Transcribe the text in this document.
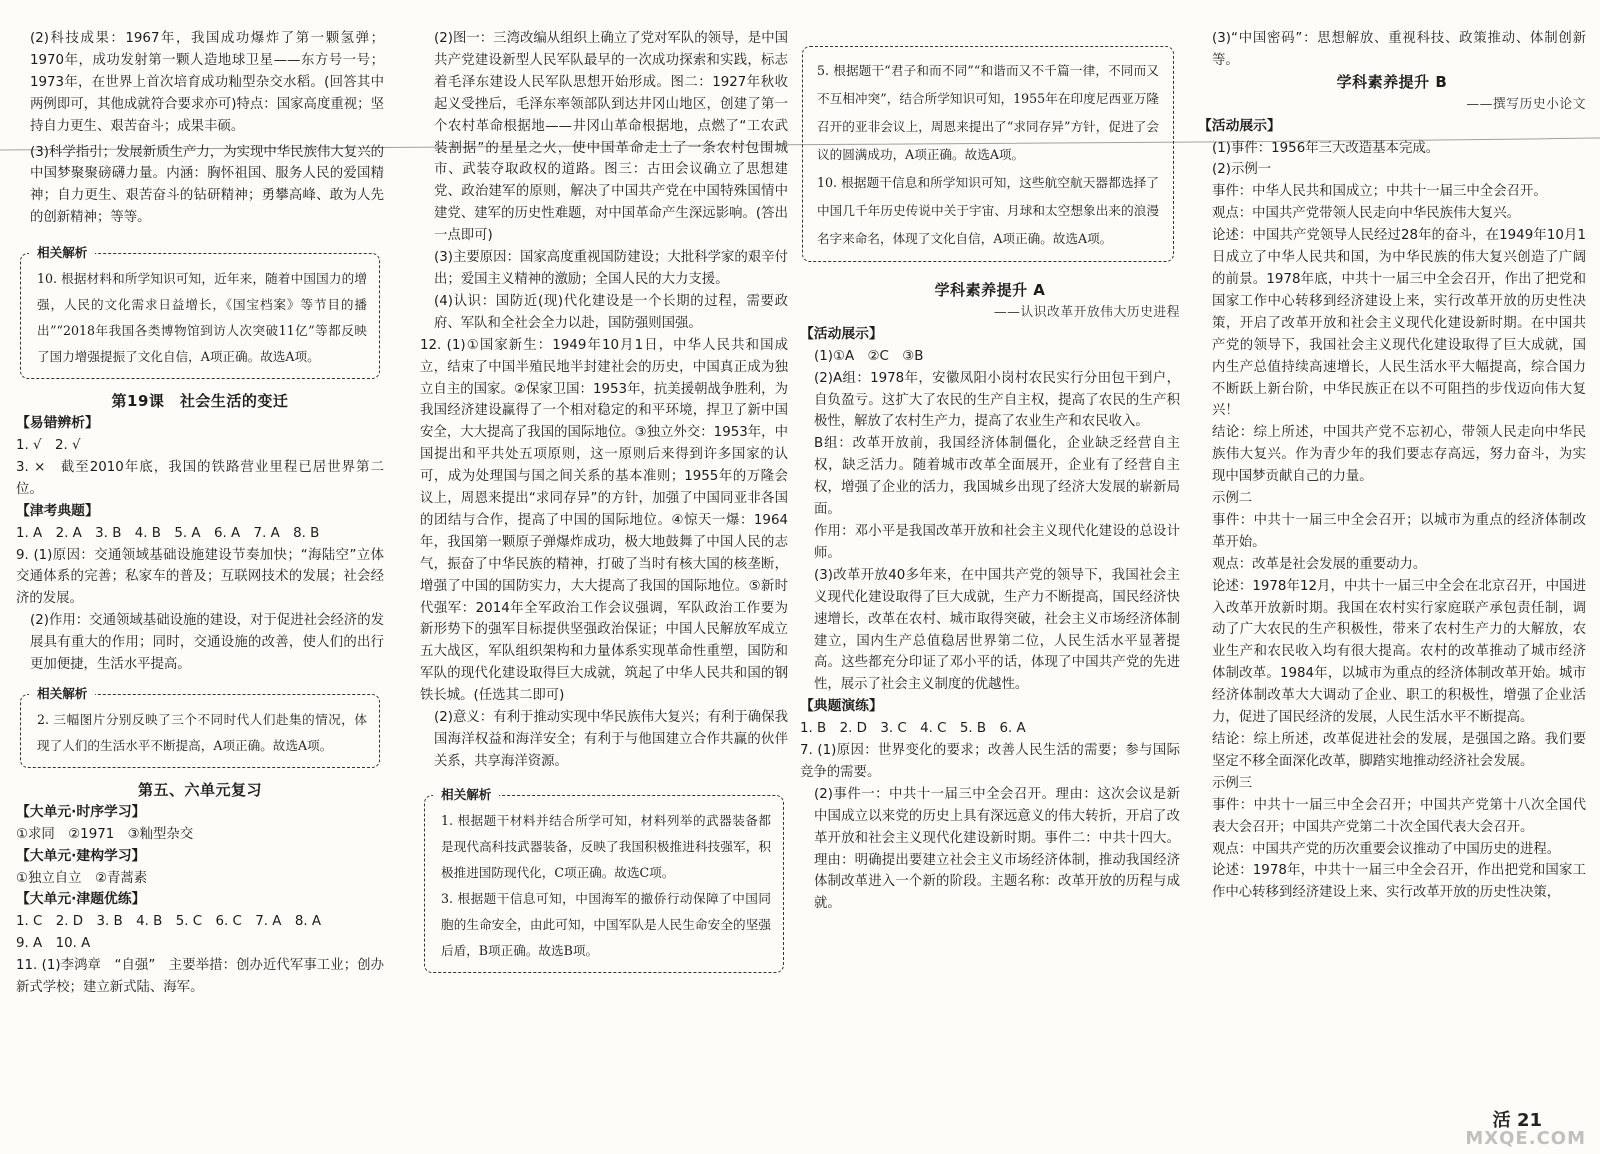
(2)科技成果：1967年，我国成功爆炸了第一颗氢弹；1970年，成功发射第一颗人造地球卫星——东方号一号；1973年，在世界上首次培育成功籼型杂交水稻。(回答其中两例即可，其他成就符合要求亦可)特点：国家高度重视；坚持自力更生、艰苦奋斗；成果丰硕。

(3)科学指引；发展新质生产力，为实现中华民族伟大复兴的中国梦聚聚磅礴力量。内涵：胸怀祖国、服务人民的爱国精神；自力更生、艰苦奋斗的钻研精神；勇攀高峰、敢为人先的创新精神；等等。

相关解析

10. 根据材料和所学知识可知，近年来，随着中国国力的增强，人民的文化需求日益增长，《国宝档案》等节目的播出”“2018年我国各类博物馆到访人次突破11亿”等都反映了国力增强提振了文化自信，A项正确。故选A项。

第19课　社会生活的变迁

【易错辨析】

1. √　2. √

3. ×　截至2010年底，我国的铁路营业里程已居世界第二位。

【津考典题】

1. A　2. A　3. B　4. B　5. A　6. A　7. A　8. B

9. (1)原因：交通领域基础设施建设节奏加快；“海陆空”立体交通体系的完善；私家车的普及；互联网技术的发展；社会经济的发展。

(2)作用：交通领域基础设施的建设，对于促进社会经济的发展具有重大的作用；同时，交通设施的改善，使人们的出行更加便捷，生活水平提高。

相关解析

2. 三幅图片分别反映了三个不同时代人们赴集的情况，体现了人们的生活水平不断提高，A项正确。故选A项。

第五、六单元复习

【大单元·时序学习】

①求同　②1971　③籼型杂交

【大单元·建构学习】

①独立自立　②青蒿素

【大单元·津题优练】

1. C　2. D　3. B　4. B　5. C　6. C　7. A　8. A

9. A　10. A

11. (1)李鸿章　“自强”　主要举措：创办近代军事工业；创办新式学校；建立新式陆、海军。

(2)图一：三湾改编从组织上确立了党对军队的领导，是中国共产党建设新型人民军队最早的一次成功探索和实践，标志着毛泽东建设人民军队思想开始形成。图二：1927年秋收起义受挫后，毛泽东率领部队到达井冈山地区，创建了第一个农村革命根据地——井冈山革命根据地，点燃了“工农武装割据”的星星之火，使中国革命走上了一条农村包围城市、武装夺取政权的道路。图三：古田会议确立了思想建党、政治建军的原则，解决了中国共产党在中国特殊国情中建党、建军的历史性难题，对中国革命产生深远影响。(答出一点即可)

(3)主要原因：国家高度重视国防建设；大批科学家的艰辛付出；爱国主义精神的激励；全国人民的大力支援。

(4)认识：国防近(现)代化建设是一个长期的过程，需要政府、军队和全社会全力以赴，国防强则国强。

12. (1)①国家新生：1949年10月1日，中华人民共和国成立，结束了中国半殖民地半封建社会的历史，中国真正成为独立自主的国家。②保家卫国：1953年，抗美援朝战争胜利，为我国经济建设赢得了一个相对稳定的和平环境，捍卫了新中国安全，大大提高了我国的国际地位。③独立外交：1953年，中国提出和平共处五项原则，这一原则后来得到许多国家的认可，成为处理国与国之间关系的基本准则；1955年的万隆会议上，周恩来提出“求同存异”的方针，加强了中国同亚非各国的团结与合作，提高了中国的国际地位。④惊天一爆：1964年，我国第一颗原子弹爆炸成功，极大地鼓舞了中国人民的志气，振奋了中华民族的精神，打破了当时有核大国的核垄断，增强了中国的国防实力，大大提高了我国的国际地位。⑤新时代强军：2014年全军政治工作会议强调，军队政治工作要为新形势下的强军目标提供坚强政治保证；中国人民解放军成立五大战区，军队组织架构和力量体系实现革命性重塑，国防和军队的现代化建设取得巨大成就，筑起了中华人民共和国的钢铁长城。(任选其二即可)

(2)意义：有利于推动实现中华民族伟大复兴；有利于确保我国海洋权益和海洋安全；有利于与他国建立合作共赢的伙伴关系，共享海洋资源。

相关解析

1. 根据题干材料并结合所学可知，材料列举的武器装备都是现代高科技武器装备，反映了我国积极推进科技强军，积极推进国防现代化，C项正确。故选C项。

3. 根据题干信息可知，中国海军的撤侨行动保障了中国同胞的生命安全，由此可知，中国军队是人民生命安全的坚强后盾，B项正确。故选B项。

5. 根据题干“君子和而不同”“和谐而又不千篇一律，不同而又不互相冲突”，结合所学知识可知，1955年在印度尼西亚万隆召开的亚非会议上，周恩来提出了“求同存异”方针，促进了会议的圆满成功，A项正确。故选A项。

10. 根据题干信息和所学知识可知，这些航空航天器都选择了中国几千年历史传说中关于宇宙、月球和太空想象出来的浪漫名字来命名，体现了文化自信，A项正确。故选A项。

学科素养提升 A

——认识改革开放伟大历史进程

【活动展示】

(1)①A　②C　③B

(2)A组：1978年，安徽凤阳小岗村农民实行分田包干到户，自负盈亏。这扩大了农民的生产自主权，提高了农民的生产积极性，解放了农村生产力，提高了农业生产和农民收入。

B组：改革开放前，我国经济体制僵化，企业缺乏经营自主权，缺乏活力。随着城市改革全面展开，企业有了经营自主权，增强了企业的活力，我国城乡出现了经济大发展的崭新局面。

作用：邓小平是我国改革开放和社会主义现代化建设的总设计师。

(3)改革开放40多年来，在中国共产党的领导下，我国社会主义现代化建设取得了巨大成就，生产力不断提高，国民经济快速增长，改革在农村、城市取得突破，社会主义市场经济体制建立，国内生产总值稳居世界第二位，人民生活水平显著提高。这些都充分印证了邓小平的话，体现了中国共产党的先进性，展示了社会主义制度的优越性。

【典题演练】

1. B　2. D　3. C　4. C　5. B　6. A

7. (1)原因：世界变化的要求；改善人民生活的需要；参与国际竞争的需要。

(2)事件一：中共十一届三中全会召开。理由：这次会议是新中国成立以来党的历史上具有深远意义的伟大转折，开启了改革开放和社会主义现代化建设新时期。事件二：中共十四大。理由：明确提出要建立社会主义市场经济体制，推动我国经济体制改革进入一个新的阶段。主题名称：改革开放的历程与成就。

(3)“中国密码”：思想解放、重视科技、政策推动、体制创新等。

学科素养提升 B

——撰写历史小论文

【活动展示】

(1)事件：1956年三大改造基本完成。

(2)示例一

事件：中华人民共和国成立；中共十一届三中全会召开。

观点：中国共产党带领人民走向中华民族伟大复兴。

论述：中国共产党领导人民经过28年的奋斗，在1949年10月1日成立了中华人民共和国，为中华民族的伟大复兴创造了广阔的前景。1978年底，中共十一届三中全会召开，作出了把党和国家工作中心转移到经济建设上来，实行改革开放的历史性决策，开启了改革开放和社会主义现代化建设新时期。在中国共产党的领导下，我国社会主义现代化建设取得了巨大成就，国内生产总值持续高速增长，人民生活水平大幅提高，综合国力不断跃上新台阶，中华民族正在以不可阻挡的步伐迈向伟大复兴！

结论：综上所述，中国共产党不忘初心，带领人民走向中华民族伟大复兴。作为青少年的我们要志存高远，努力奋斗，为实现中国梦贡献自己的力量。

示例二

事件：中共十一届三中全会召开；以城市为重点的经济体制改革开始。

观点：改革是社会发展的重要动力。

论述：1978年12月，中共十一届三中全会在北京召开，中国进入改革开放新时期。我国在农村实行家庭联产承包责任制，调动了广大农民的生产积极性，带来了农村生产力的大解放，农业生产和农民收入均有很大提高。农村的改革推动了城市经济体制改革。1984年，以城市为重点的经济体制改革开始。城市经济体制改革大大调动了企业、职工的积极性，增强了企业活力，促进了国民经济的发展，人民生活水平不断提高。

结论：综上所述，改革促进社会的发展，是强国之路。我们要坚定不移全面深化改革，脚踏实地推动经济社会发展。

示例三

事件：中共十一届三中全会召开；中国共产党第十八次全国代表大会召开；中国共产党第二十次全国代表大会召开。

观点：中国共产党的历次重要会议推动了中国历史的进程。

论述：1978年，中共十一届三中全会召开，作出把党和国家工作中心转移到经济建设上来、实行改革开放的历史性决策，

活 21
MXQE.COM
